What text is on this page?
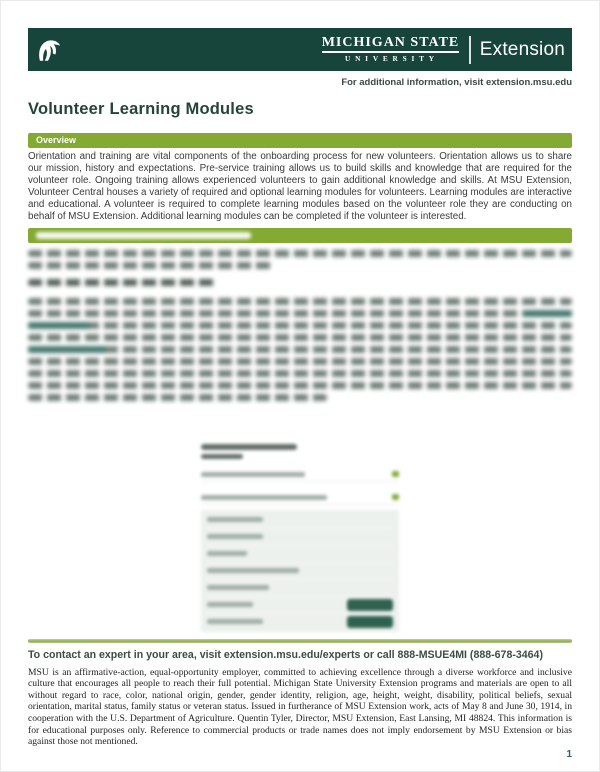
MICHIGAN STATE
UNIVERSITY	Extension
For additional information, visit extension.msu.edu
Volunteer Learning Modules
Overview
Orientation and training are vital components of the onboarding process for new volunteers. Orientation allows us to share our mission, history and expectations. Pre-service training allows us to build skills and knowledge that are required for the volunteer role. Ongoing training allows experienced volunteers to gain additional knowledge and skills. At MSU Extension, Volunteer Central houses a variety of required and optional learning modules for volunteers. Learning modules are interactive and educational. A volunteer is required to complete learning modules based on the volunteer role they are conducting on behalf of MSU Extension. Additional learning modules can be completed if the volunteer is interested.
To contact an expert in your area, visit extension.msu.edu/experts or call 888-MSUE4MI (888-678-3464)
MSU is an affirmative-action, equal-opportunity employer, committed to achieving excellence through a diverse workforce and inclusive culture that encourages all people to reach their full potential. Michigan State University Extension programs and materials are open to all without regard to race, color, national origin, gender, gender identity, religion, age, height, weight, disability, political beliefs, sexual orientation, marital status, family status or veteran status. Issued in furtherance of MSU Extension work, acts of May 8 and June 30, 1914, in cooperation with the U.S. Department of Agriculture. Quentin Tyler, Director, MSU Extension, East Lansing, MI 48824. This information is for educational purposes only. Reference to commercial products or trade names does not imply endorsement by MSU Extension or bias against those not mentioned.
1
